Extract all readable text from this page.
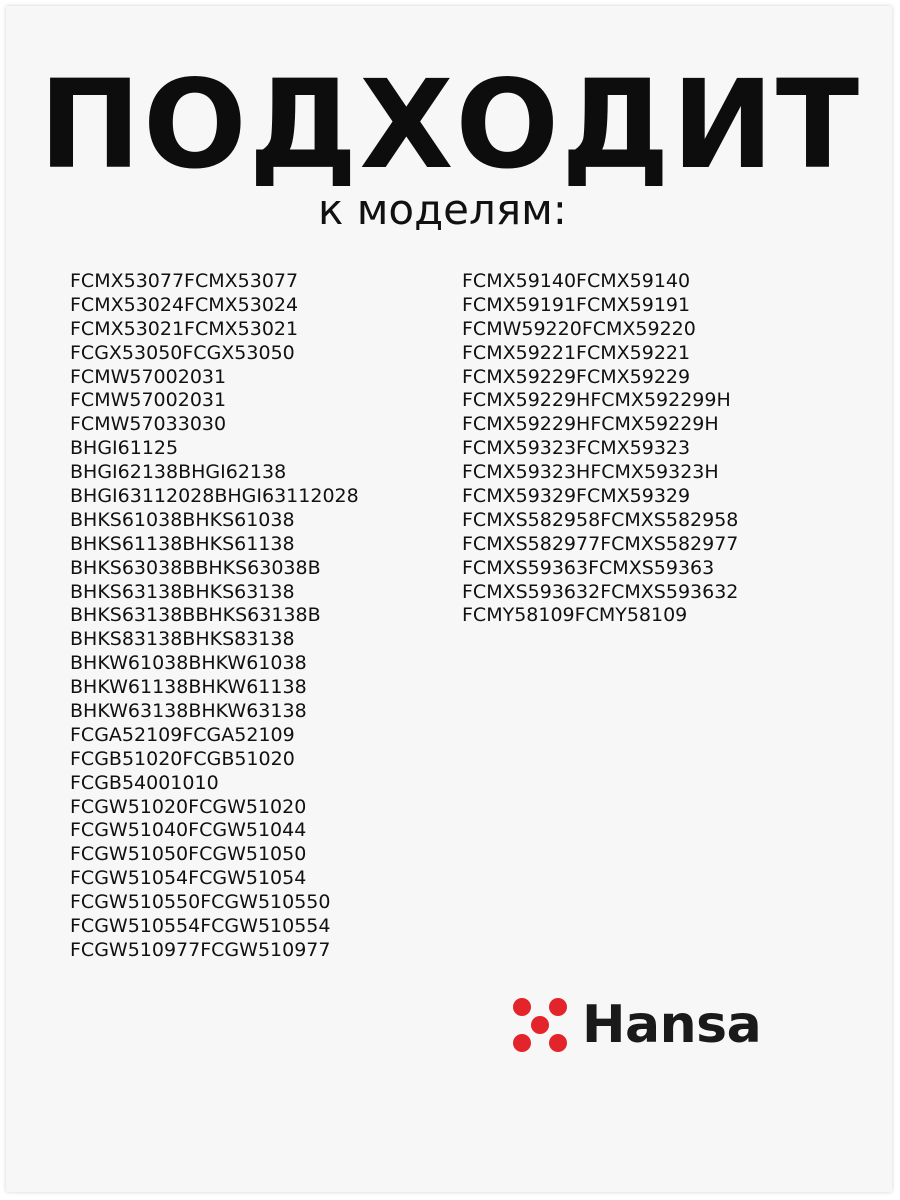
ПОДХОДИТ

к моделям:

FCMX53077FCMX53077
FCMX53024FCMX53024
FCMX53021FCMX53021
FCGX53050FCGX53050
FCMW57002031
FCMW57002031
FCMW57033030
BHGI61125
BHGI62138BHGI62138
BHGI63112028BHGI63112028
BHKS61038BHKS61038
BHKS61138BHKS61138
BHKS63038BBHKS63038B
BHKS63138BHKS63138
BHKS63138BBHKS63138B
BHKS83138BHKS83138
BHKW61038BHKW61038
BHKW61138BHKW61138
BHKW63138BHKW63138
FCGA52109FCGA52109
FCGB51020FCGB51020
FCGB54001010
FCGW51020FCGW51020
FCGW51040FCGW51044
FCGW51050FCGW51050
FCGW51054FCGW51054
FCGW510550FCGW510550
FCGW510554FCGW510554
FCGW510977FCGW510977
FCMX59140FCMX59140
FCMX59191FCMX59191
FCMW59220FCMX59220
FCMX59221FCMX59221
FCMX59229FCMX59229
FCMX59229HFCMX592299H
FCMX59229HFCMX59229H
FCMX59323FCMX59323
FCMX59323HFCMX59323H
FCMX59329FCMX59329
FCMXS582958FCMXS582958
FCMXS582977FCMXS582977
FCMXS59363FCMXS59363
FCMXS593632FCMXS593632
FCMY58109FCMY58109
Hansa
